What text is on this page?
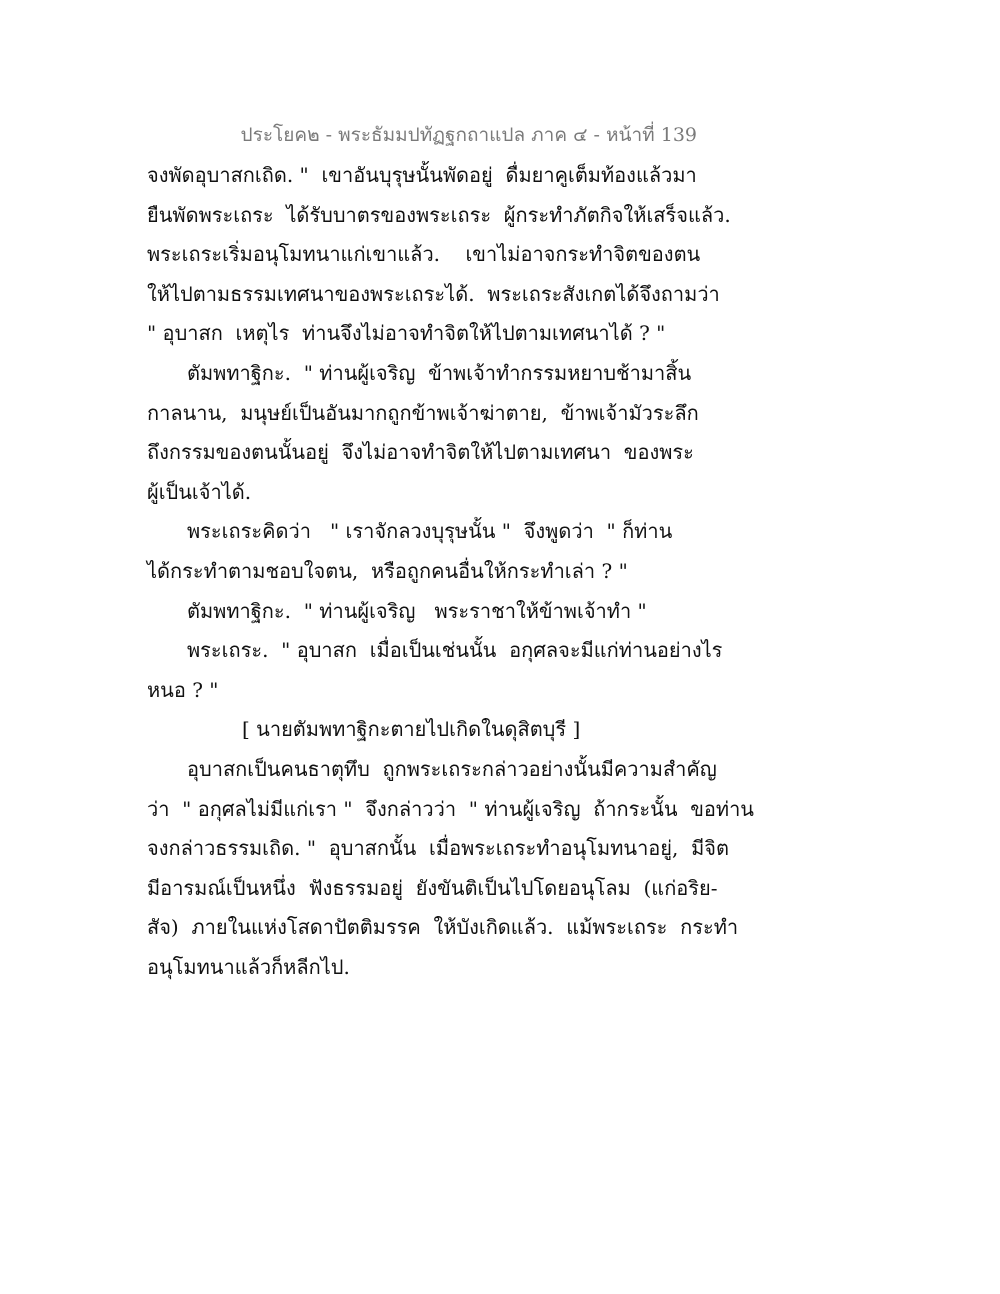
ประโยค๒ - พระธัมมปทัฏฐกถาแปล ภาค ๔ - หน้าที่ 139
จงพัดอุบาสกเถิด. "  เขาอันบุรุษนั้นพัดอยู่  ดื่มยาคูเต็มท้องแล้วมา
ยืนพัดพระเถระ  ได้รับบาตรของพระเถระ  ผู้กระทำภัตกิจให้เสร็จแล้ว.
พระเถระเริ่มอนุโมทนาแก่เขาแล้ว.    เขาไม่อาจกระทำจิตของตน
ให้ไปตามธรรมเทศนาของพระเถระได้.  พระเถระสังเกตได้จึงถามว่า
" อุบาสก  เหตุไร  ท่านจึงไม่อาจทำจิตให้ไปตามเทศนาได้ ? "
ตัมพทาฐิกะ.  " ท่านผู้เจริญ  ข้าพเจ้าทำกรรมหยาบช้ามาสิ้น
กาลนาน,  มนุษย์เป็นอันมากถูกข้าพเจ้าฆ่าตาย,  ข้าพเจ้ามัวระลึก
ถึงกรรมของตนนั้นอยู่  จึงไม่อาจทำจิตให้ไปตามเทศนา  ของพระ
ผู้เป็นเจ้าได้.
พระเถระคิดว่า   " เราจักลวงบุรุษนั้น "  จึงพูดว่า  " ก็ท่าน
ได้กระทำตามชอบใจตน,  หรือถูกคนอื่นให้กระทำเล่า ? "
ตัมพทาฐิกะ.  " ท่านผู้เจริญ   พระราชาให้ข้าพเจ้าทำ "
พระเถระ.  " อุบาสก  เมื่อเป็นเช่นนั้น  อกุศลจะมีแก่ท่านอย่างไร
หนอ ? "
[ นายตัมพทาฐิกะตายไปเกิดในดุสิตบุรี ]
อุบาสกเป็นคนธาตุทึบ  ถูกพระเถระกล่าวอย่างนั้นมีความสำคัญ
ว่า  " อกุศลไม่มีแก่เรา "  จึงกล่าวว่า  " ท่านผู้เจริญ  ถ้ากระนั้น  ขอท่าน
จงกล่าวธรรมเถิด. "  อุบาสกนั้น  เมื่อพระเถระทำอนุโมทนาอยู่,  มีจิต
มีอารมณ์เป็นหนึ่ง  ฟังธรรมอยู่  ยังขันติเป็นไปโดยอนุโลม  (แก่อริย-
สัจ)  ภายในแห่งโสดาปัตติมรรค  ให้บังเกิดแล้ว.  แม้พระเถระ  กระทำ
อนุโมทนาแล้วก็หลีกไป.
